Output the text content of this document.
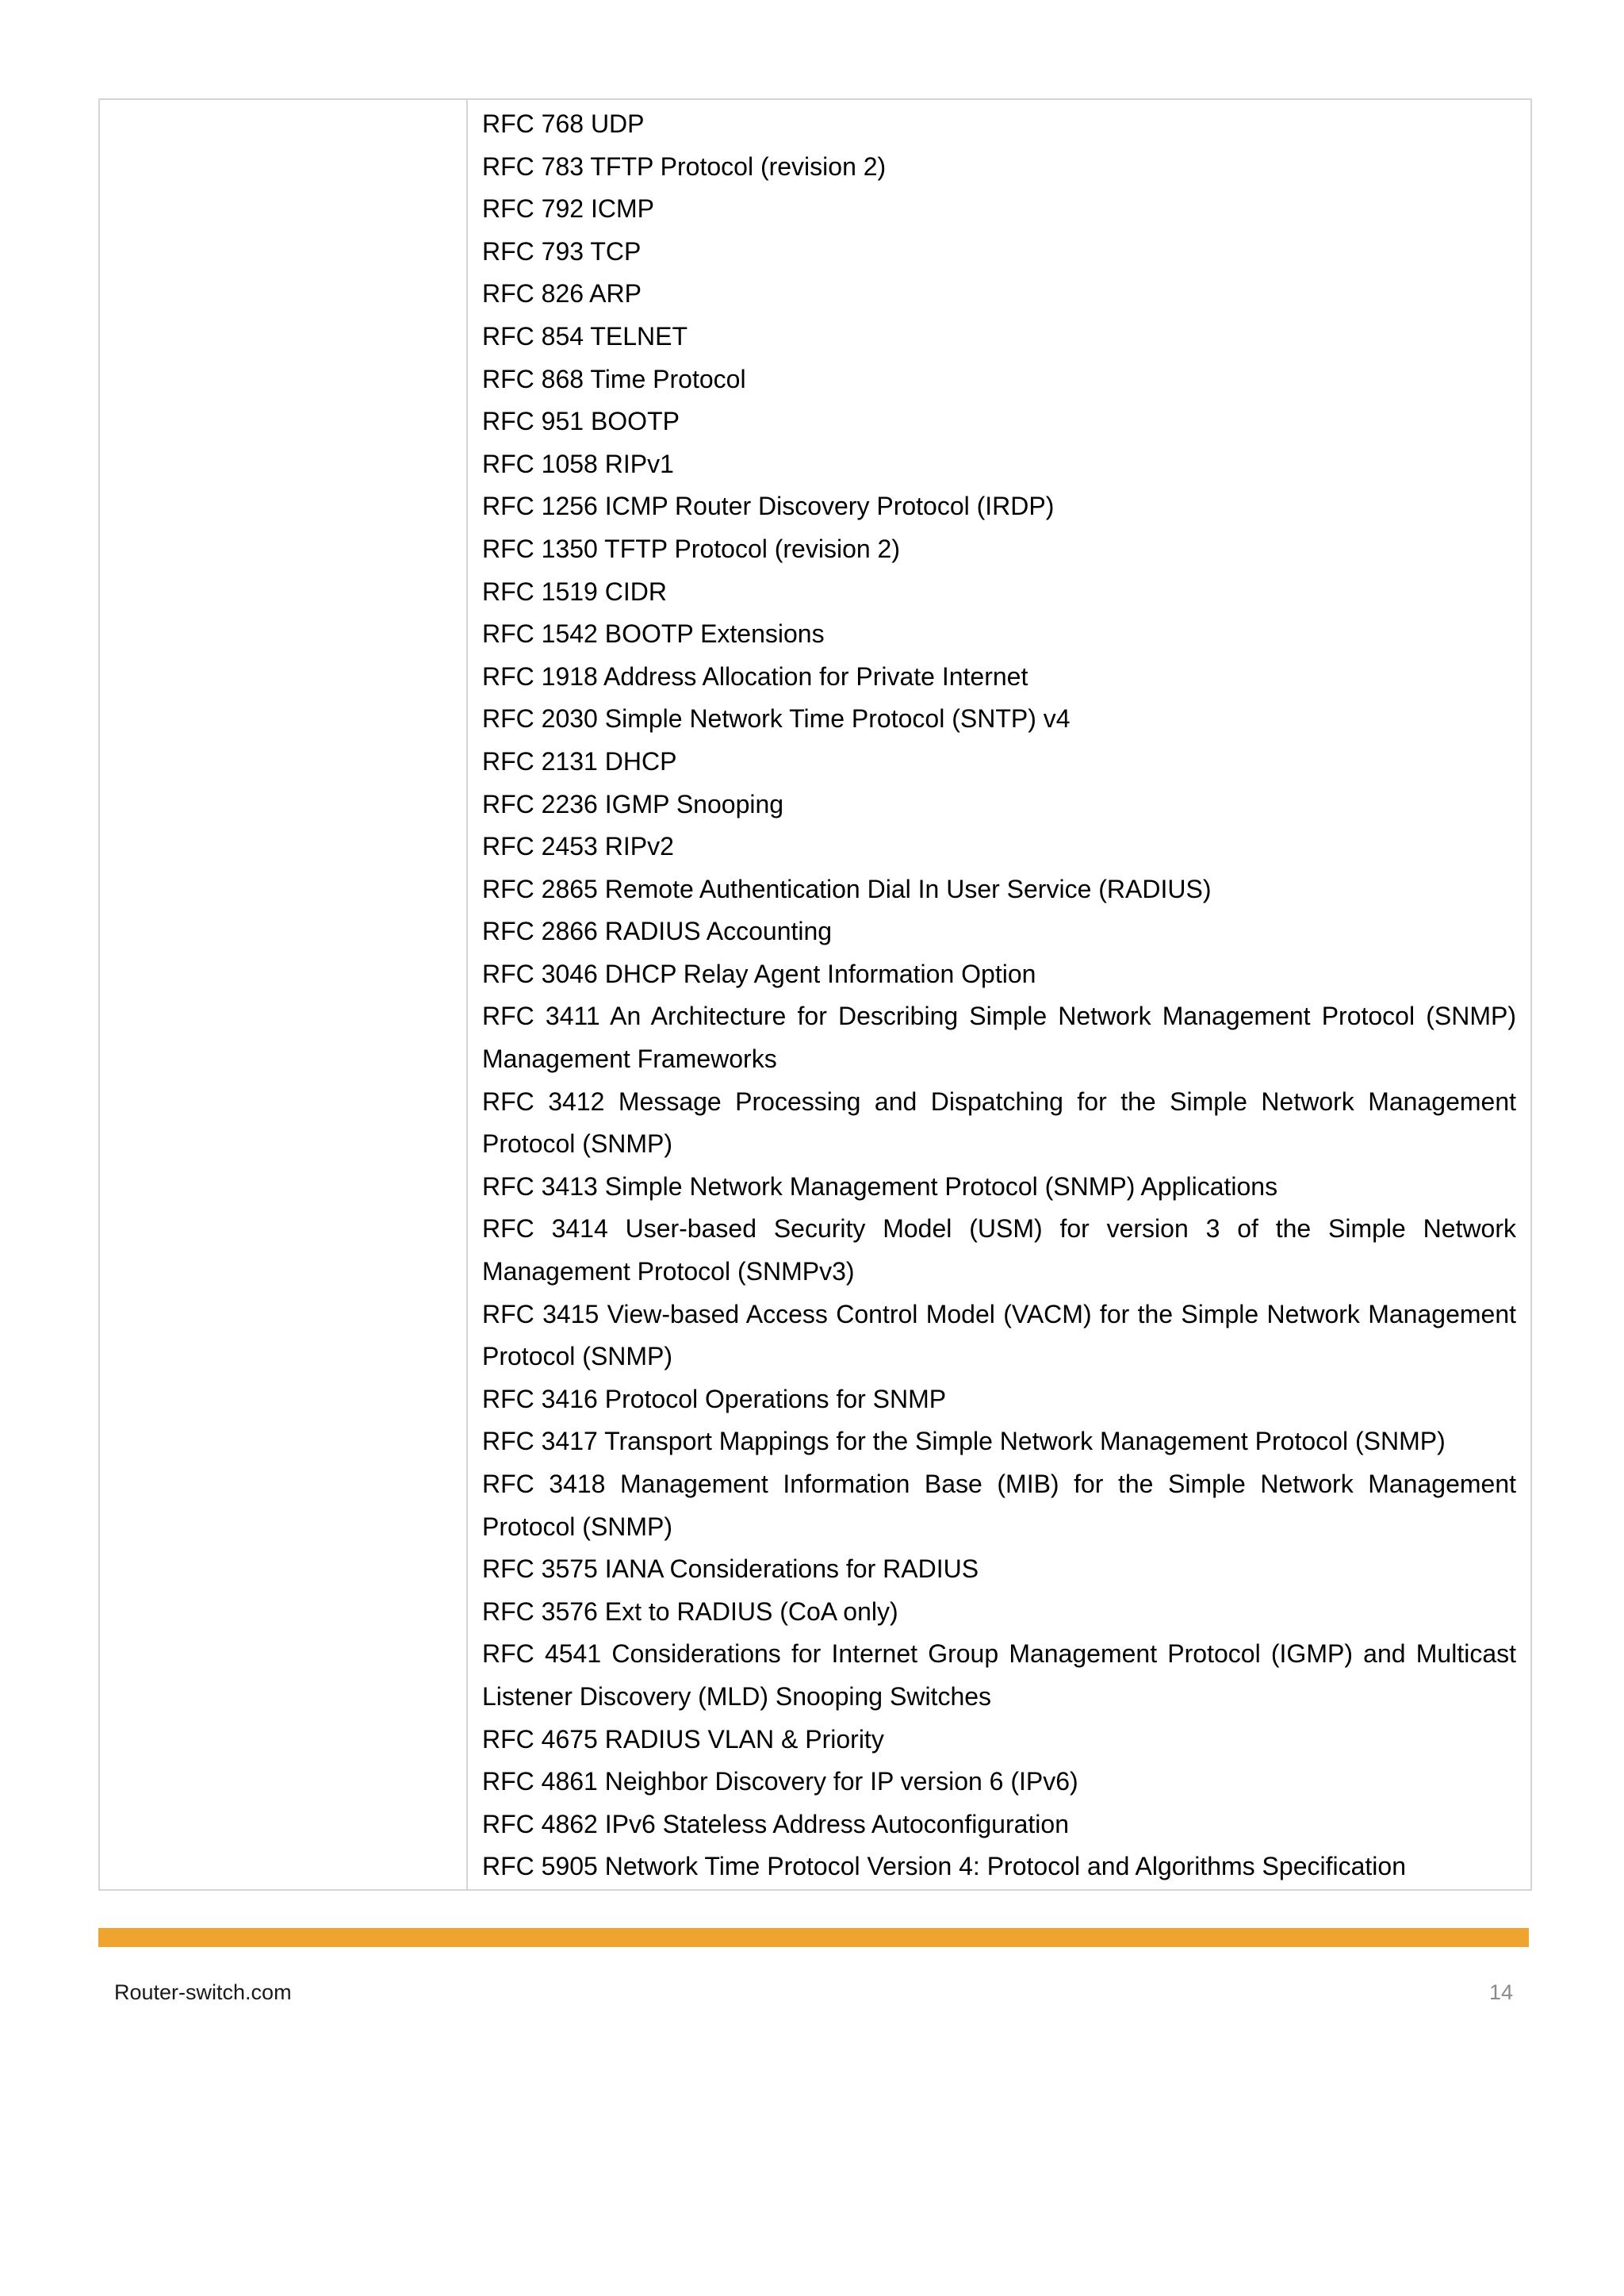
RFC 768 UDP
RFC 783 TFTP Protocol (revision 2)
RFC 792 ICMP
RFC 793 TCP
RFC 826 ARP
RFC 854 TELNET
RFC 868 Time Protocol
RFC 951 BOOTP
RFC 1058 RIPv1
RFC 1256 ICMP Router Discovery Protocol (IRDP)
RFC 1350 TFTP Protocol (revision 2)
RFC 1519 CIDR
RFC 1542 BOOTP Extensions
RFC 1918 Address Allocation for Private Internet
RFC 2030 Simple Network Time Protocol (SNTP) v4
RFC 2131 DHCP
RFC 2236 IGMP Snooping
RFC 2453 RIPv2
RFC 2865 Remote Authentication Dial In User Service (RADIUS)
RFC 2866 RADIUS Accounting
RFC 3046 DHCP Relay Agent Information Option
RFC 3411 An Architecture for Describing Simple Network Management Protocol (SNMP) Management Frameworks
RFC 3412 Message Processing and Dispatching for the Simple Network Management Protocol (SNMP)
RFC 3413 Simple Network Management Protocol (SNMP) Applications
RFC 3414 User-based Security Model (USM) for version 3 of the Simple Network Management Protocol (SNMPv3)
RFC 3415 View-based Access Control Model (VACM) for the Simple Network Management Protocol (SNMP)
RFC 3416 Protocol Operations for SNMP
RFC 3417 Transport Mappings for the Simple Network Management Protocol (SNMP)
RFC 3418 Management Information Base (MIB) for the Simple Network Management Protocol (SNMP)
RFC 3575 IANA Considerations for RADIUS
RFC 3576 Ext to RADIUS (CoA only)
RFC 4541 Considerations for Internet Group Management Protocol (IGMP) and Multicast Listener Discovery (MLD) Snooping Switches
RFC 4675 RADIUS VLAN & Priority
RFC 4861 Neighbor Discovery for IP version 6 (IPv6)
RFC 4862 IPv6 Stateless Address Autoconfiguration
RFC 5905 Network Time Protocol Version 4: Protocol and Algorithms Specification
Router-switch.com	14
